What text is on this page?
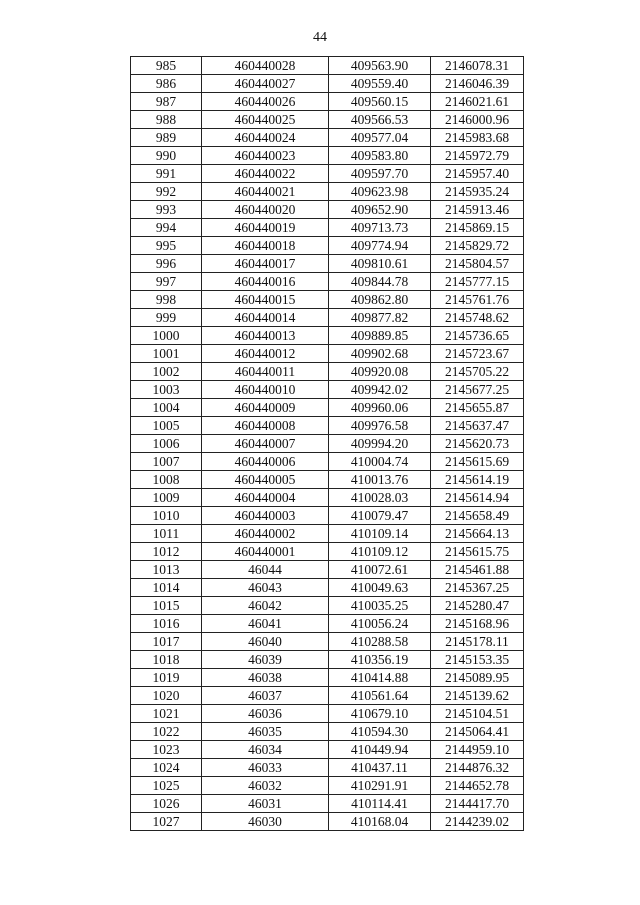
44
985	460440028	409563.90	2146078.31
986	460440027	409559.40	2146046.39
987	460440026	409560.15	2146021.61
988	460440025	409566.53	2146000.96
989	460440024	409577.04	2145983.68
990	460440023	409583.80	2145972.79
991	460440022	409597.70	2145957.40
992	460440021	409623.98	2145935.24
993	460440020	409652.90	2145913.46
994	460440019	409713.73	2145869.15
995	460440018	409774.94	2145829.72
996	460440017	409810.61	2145804.57
997	460440016	409844.78	2145777.15
998	460440015	409862.80	2145761.76
999	460440014	409877.82	2145748.62
1000	460440013	409889.85	2145736.65
1001	460440012	409902.68	2145723.67
1002	460440011	409920.08	2145705.22
1003	460440010	409942.02	2145677.25
1004	460440009	409960.06	2145655.87
1005	460440008	409976.58	2145637.47
1006	460440007	409994.20	2145620.73
1007	460440006	410004.74	2145615.69
1008	460440005	410013.76	2145614.19
1009	460440004	410028.03	2145614.94
1010	460440003	410079.47	2145658.49
1011	460440002	410109.14	2145664.13
1012	460440001	410109.12	2145615.75
1013	46044	410072.61	2145461.88
1014	46043	410049.63	2145367.25
1015	46042	410035.25	2145280.47
1016	46041	410056.24	2145168.96
1017	46040	410288.58	2145178.11
1018	46039	410356.19	2145153.35
1019	46038	410414.88	2145089.95
1020	46037	410561.64	2145139.62
1021	46036	410679.10	2145104.51
1022	46035	410594.30	2145064.41
1023	46034	410449.94	2144959.10
1024	46033	410437.11	2144876.32
1025	46032	410291.91	2144652.78
1026	46031	410114.41	2144417.70
1027	46030	410168.04	2144239.02
